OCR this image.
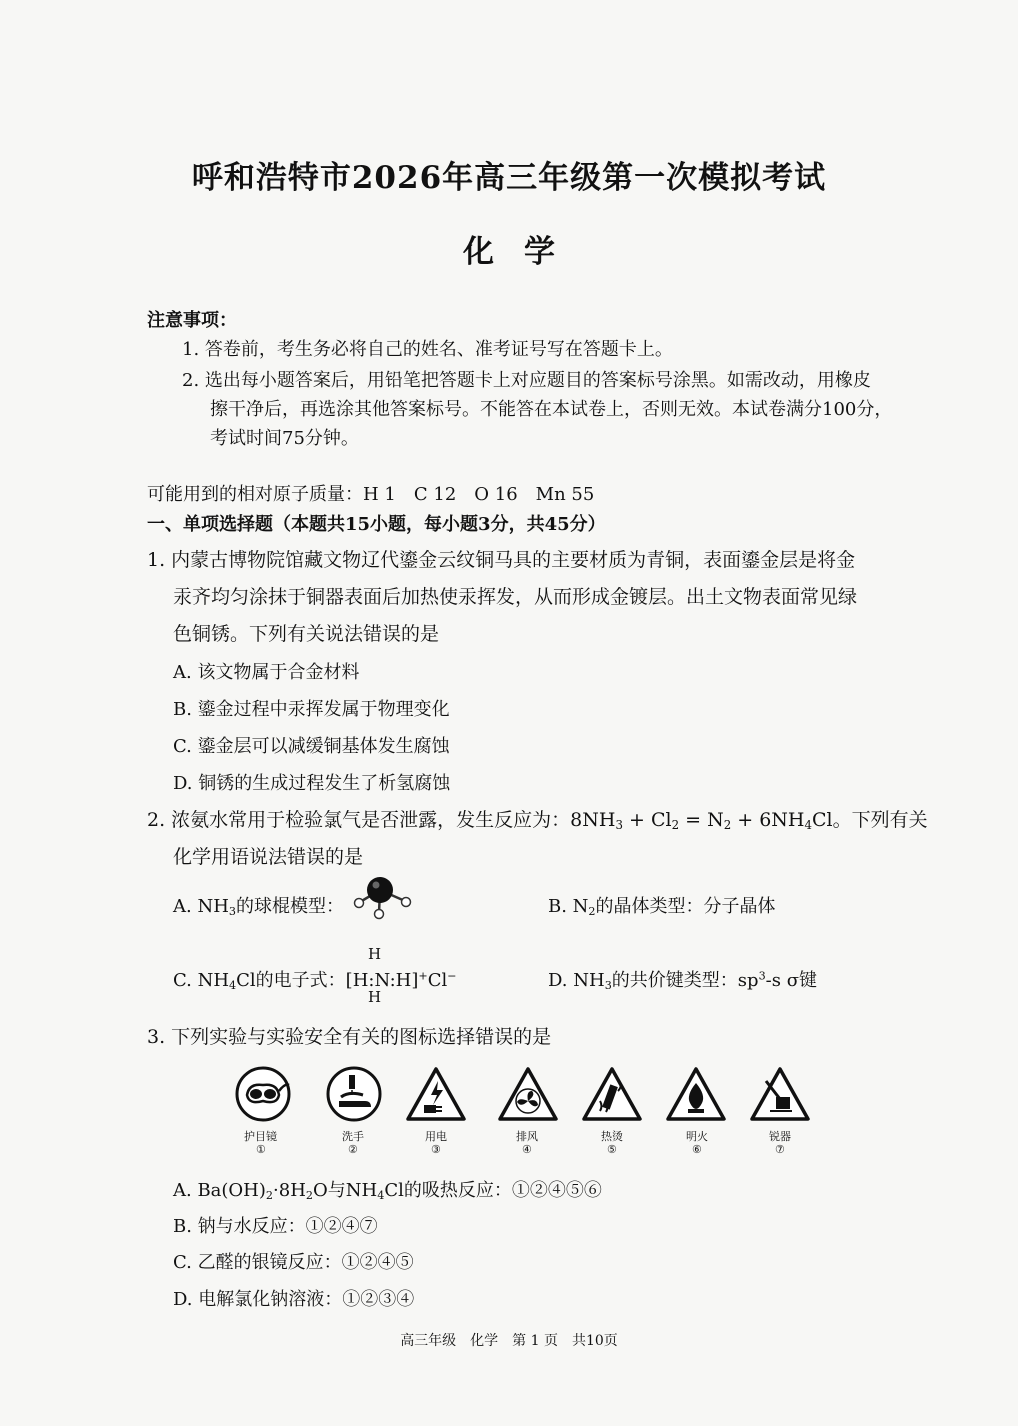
呼和浩特市2026年高三年级第一次模拟考试
化学
注意事项：
1. 答卷前，考生务必将自己的姓名、准考证号写在答题卡上。
2. 选出每小题答案后，用铅笔把答题卡上对应题目的答案标号涂黑。如需改动，用橡皮
擦干净后，再选涂其他答案标号。不能答在本试卷上，否则无效。本试卷满分100分，
考试时间75分钟。
可能用到的相对原子质量：H 1　C 12　O 16　Mn 55
一、单项选择题（本题共15小题，每小题3分，共45分）
1. 内蒙古博物院馆藏文物辽代鎏金云纹铜马具的主要材质为青铜，表面鎏金层是将金
汞齐均匀涂抹于铜器表面后加热使汞挥发，从而形成金镀层。出土文物表面常见绿
色铜锈。下列有关说法错误的是
A. 该文物属于合金材料
B. 鎏金过程中汞挥发属于物理变化
C. 鎏金层可以减缓铜基体发生腐蚀
D. 铜锈的生成过程发生了析氢腐蚀
2. 浓氨水常用于检验氯气是否泄露，发生反应为：$8NH_3 + Cl_2 = N_2 + 6NH_4Cl$。下列有关
化学用语说法错误的是
A. $NH_3$的球棍模型：	B. $N_2$的晶体类型：分子晶体
C. $NH_4Cl$的电子式：[H:N:H]+Cl−
H
H
D. $NH_3$的共价键类型：$sp^3-s$ σ键
3. 下列实验与实验安全有关的图标选择错误的是
护目镜
①
洗手
②
用电
③
排风
④
热烫
⑤
明火
⑥
锐器
⑦
A. $Ba(OH)_2\cdot 8H_2O$与$NH_4Cl$的吸热反应：①②④⑤⑥
B. 钠与水反应：①②④⑦
C. 乙醛的银镜反应：①②④⑤
D. 电解氯化钠溶液：①②③④
高三年级　化学　第 1 页　共10页
